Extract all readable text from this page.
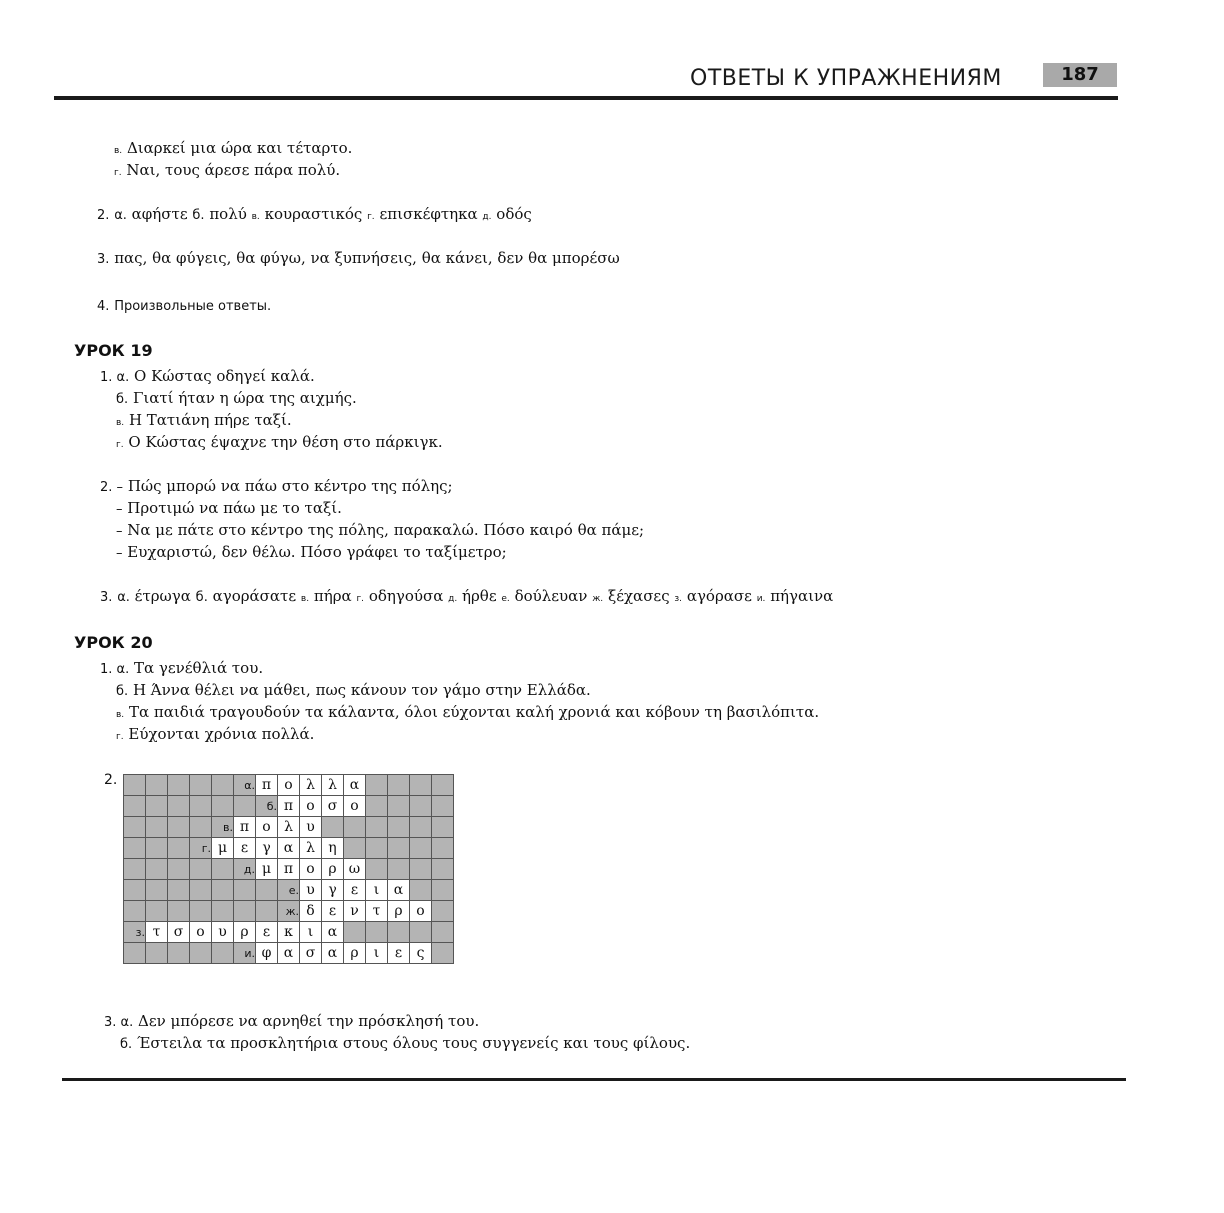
ОТВЕТЫ К УПРАЖНЕНИЯМ	187
в. Διαρκεί μια ώρα και τέταρτο.
г. Ναι, τους άρεσε πάρα πολύ.
2. α. αφήστε б. πολύ в. κουραστικός г. επισκέφτηκα д. οδός
3. πας, θα φύγεις, θα φύγω, να ξυπνήσεις, θα κάνει, δεν θα μπορέσω
4. Произвольные ответы.
УРОК 19
1. α. Ο Κώστας οδηγεί καλά.
б. Γιατί ήταν η ώρα της αιχμής.
в. Η Τατιάνη πήρε ταξί.
г. Ο Κώστας έψαχνε την θέση στο πάρκιγκ.
2. – Πώς μπορώ να πάω στο κέντρο της πόλης;
– Προτιμώ να πάω με το ταξί.
– Να με πάτε στο κέντρο της πόλης, παρακαλώ. Πόσο καιρό θα πάμε;
– Ευχαριστώ, δεν θέλω. Πόσο γράφει το ταξίμετρο;
3. α. έτρωγα б. αγοράσατε в. πήρα г. οδηγούσα д. ήρθε е. δούλευαν ж. ξέχασες з. αγόρασε и. πήγαινα
УРОК 20
1. α. Τα γενέθλιά του.
б. Η Άννα θέλει να μάθει, πως κάνουν τον γάμο στην Ελλάδα.
в. Τα παιδιά τραγουδούν τα κάλαντα, όλοι εύχονται καλή χρονιά και κόβουν τη βασιλόπιτα.
г. Εύχονται χρόνια πολλά.
2.
						α.	π	ο	λ	λ	α				
						б.	π	ο	σ	ο				
				в.	π	ο	λ	υ						
			г.	μ	ε	γ	α	λ	η					
					д.	μ	π	ο	ρ	ω				
							е.	υ	γ	ε	ι	α		
							ж.	δ	ε	ν	τ	ρ	ο	
з.	τ	σ	ο	υ	ρ	ε	κ	ι	α					
					и.	φ	α	σ	α	ρ	ι	ε	ς	
3. α. Δεν μπόρεσε να αρνηθεί την πρόσκλησή του.
б. Έστειλα τα προσκλητήρια στους όλους τους συγγενείς και τους φίλους.
